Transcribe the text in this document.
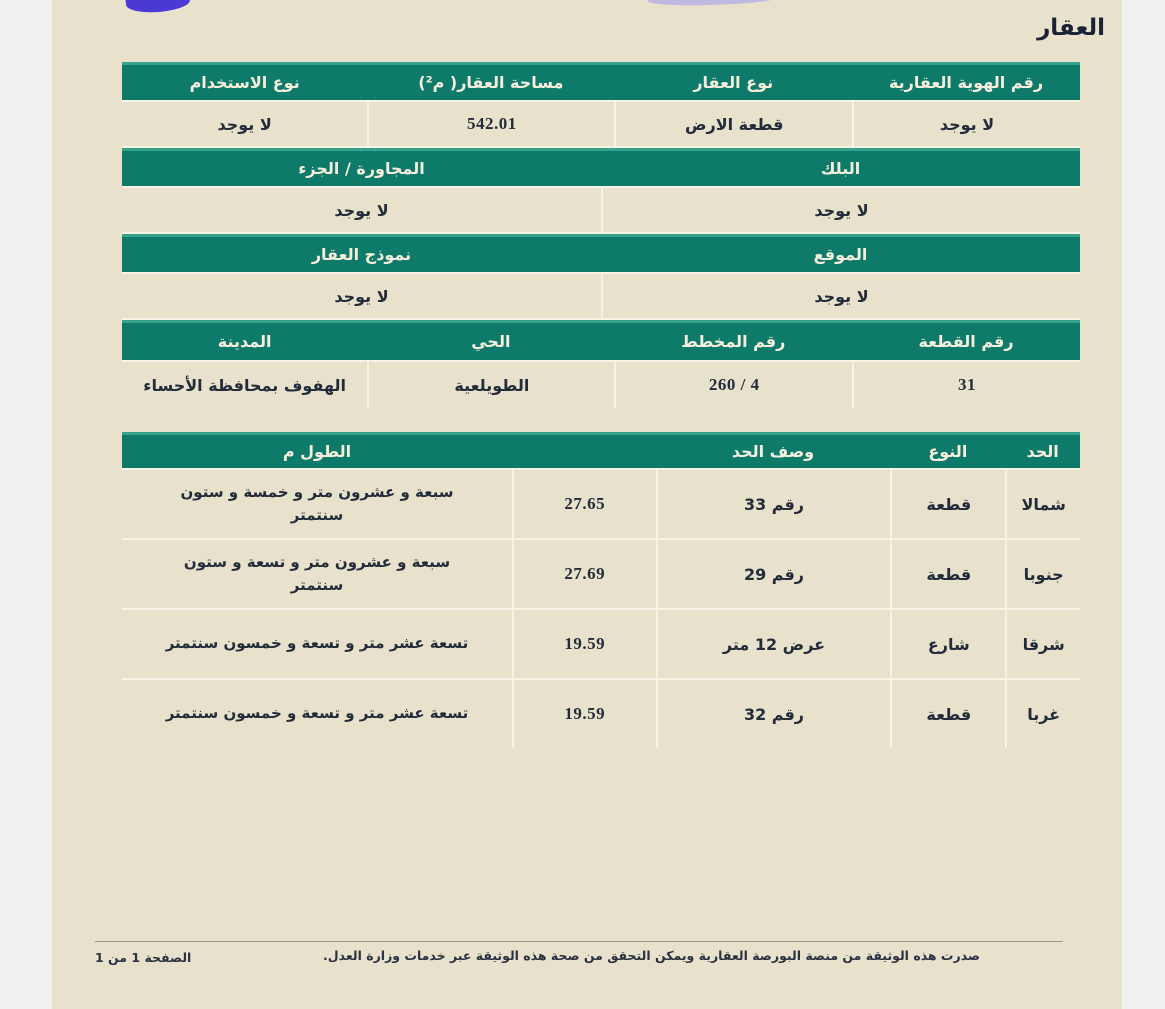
العقار
رقم الهوية العقارية
نوع العقار
مساحة العقار( م²)
نوع الاستخدام
لا يوجد
قطعة الارض
542.01
لا يوجد
البلك
المجاورة / الجزء
لا يوجد
لا يوجد
الموقع
نموذج العقار
لا يوجد
لا يوجد
رقم القطعة
رقم المخطط
الحي
المدينة
31
260 / 4
الطويلعية
الهفوف بمحافظة الأحساء
الحد
النوع
وصف الحد
الطول م
شمالا
قطعة
رقم 33
27.65
سبعة و عشرون متر و خمسة و ستون سنتمتر
جنوبا
قطعة
رقم 29
27.69
سبعة و عشرون متر و تسعة و ستون سنتمتر
شرقا
شارع
عرض 12 متر
19.59
تسعة عشر متر و تسعة و خمسون سنتمتر
غربا
قطعة
رقم 32
19.59
تسعة عشر متر و تسعة و خمسون سنتمتر
صدرت هذه الوثيقة من منصة البورصة العقارية ويمكن التحقق من صحة هذه الوثيقة عبر خدمات وزارة العدل.
الصفحة 1 من 1
